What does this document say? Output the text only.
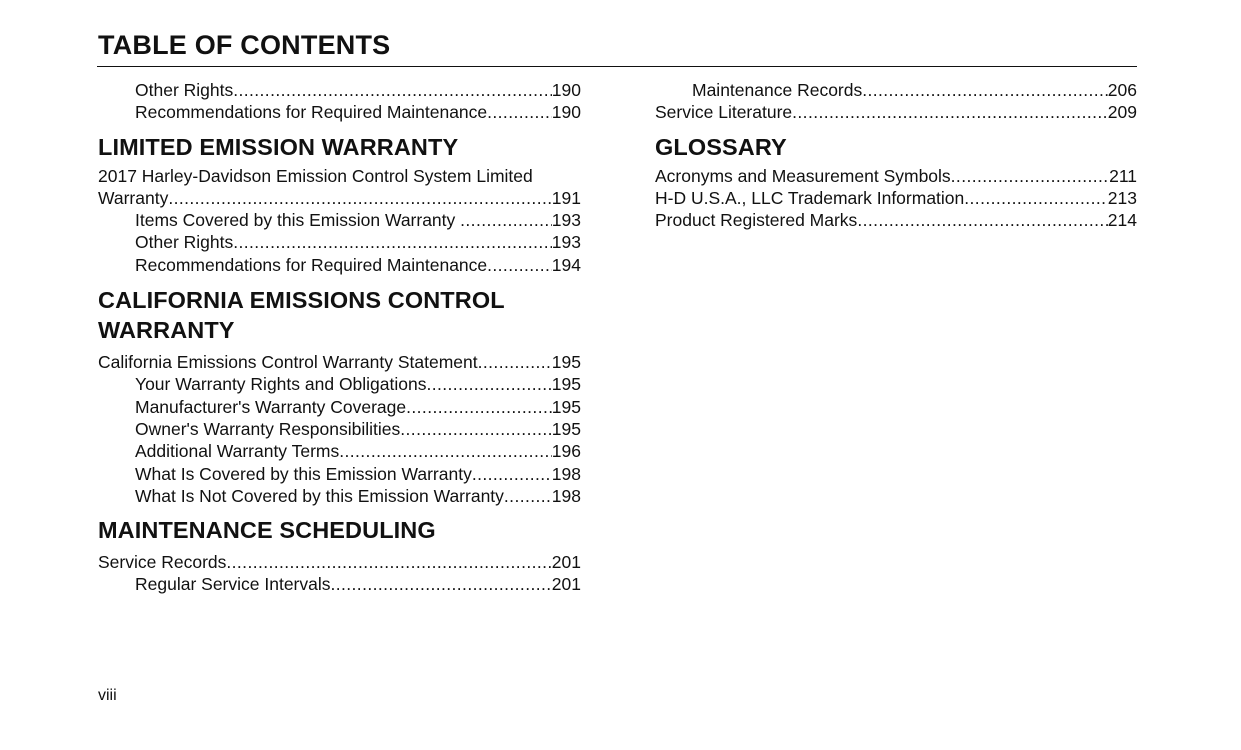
TABLE OF CONTENTS
Other Rights .....	190
Recommendations for Required Maintenance .....	190
LIMITED EMISSION WARRANTY
2017 Harley-Davidson Emission Control System Limited
Warranty .....	191
Items Covered by this Emission Warranty .....	193
Other Rights .....	193
Recommendations for Required Maintenance .....	194
CALIFORNIA EMISSIONS CONTROL
WARRANTY
California Emissions Control Warranty Statement .....	195
Your Warranty Rights and Obligations .....	195
Manufacturer's Warranty Coverage .....	195
Owner's Warranty Responsibilities .....	195
Additional Warranty Terms .....	196
What Is Covered by this Emission Warranty .....	198
What Is Not Covered by this Emission Warranty .....	198
MAINTENANCE SCHEDULING
Service Records .....	201
Regular Service Intervals .....	201
Maintenance Records .....	206
Service Literature .....	209
GLOSSARY
Acronyms and Measurement Symbols .....	211
H-D U.S.A., LLC Trademark Information .....	213
Product Registered Marks .....	214
viii
